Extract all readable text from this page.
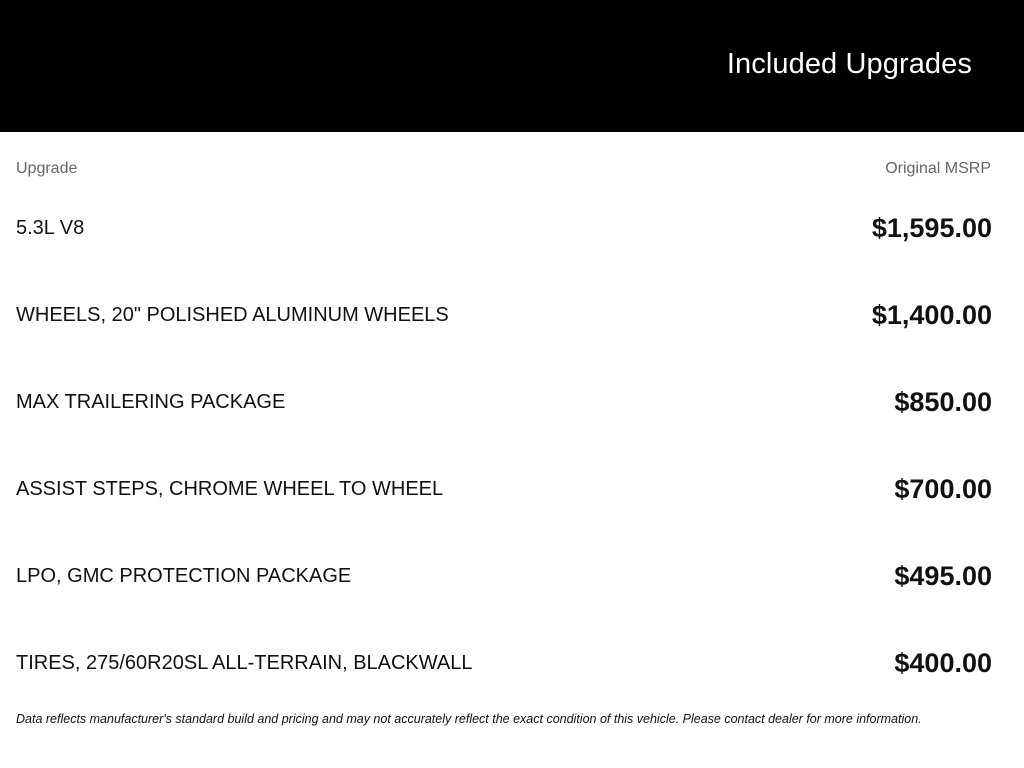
Included Upgrades
Upgrade	Original MSRP
5.3L V8	$1,595.00
WHEELS, 20" POLISHED ALUMINUM WHEELS	$1,400.00
MAX TRAILERING PACKAGE	$850.00
ASSIST STEPS, CHROME WHEEL TO WHEEL	$700.00
LPO, GMC PROTECTION PACKAGE	$495.00
TIRES, 275/60R20SL ALL-TERRAIN, BLACKWALL	$400.00

Data reflects manufacturer's standard build and pricing and may not accurately reflect the exact condition of this vehicle. Please contact dealer for more information.
